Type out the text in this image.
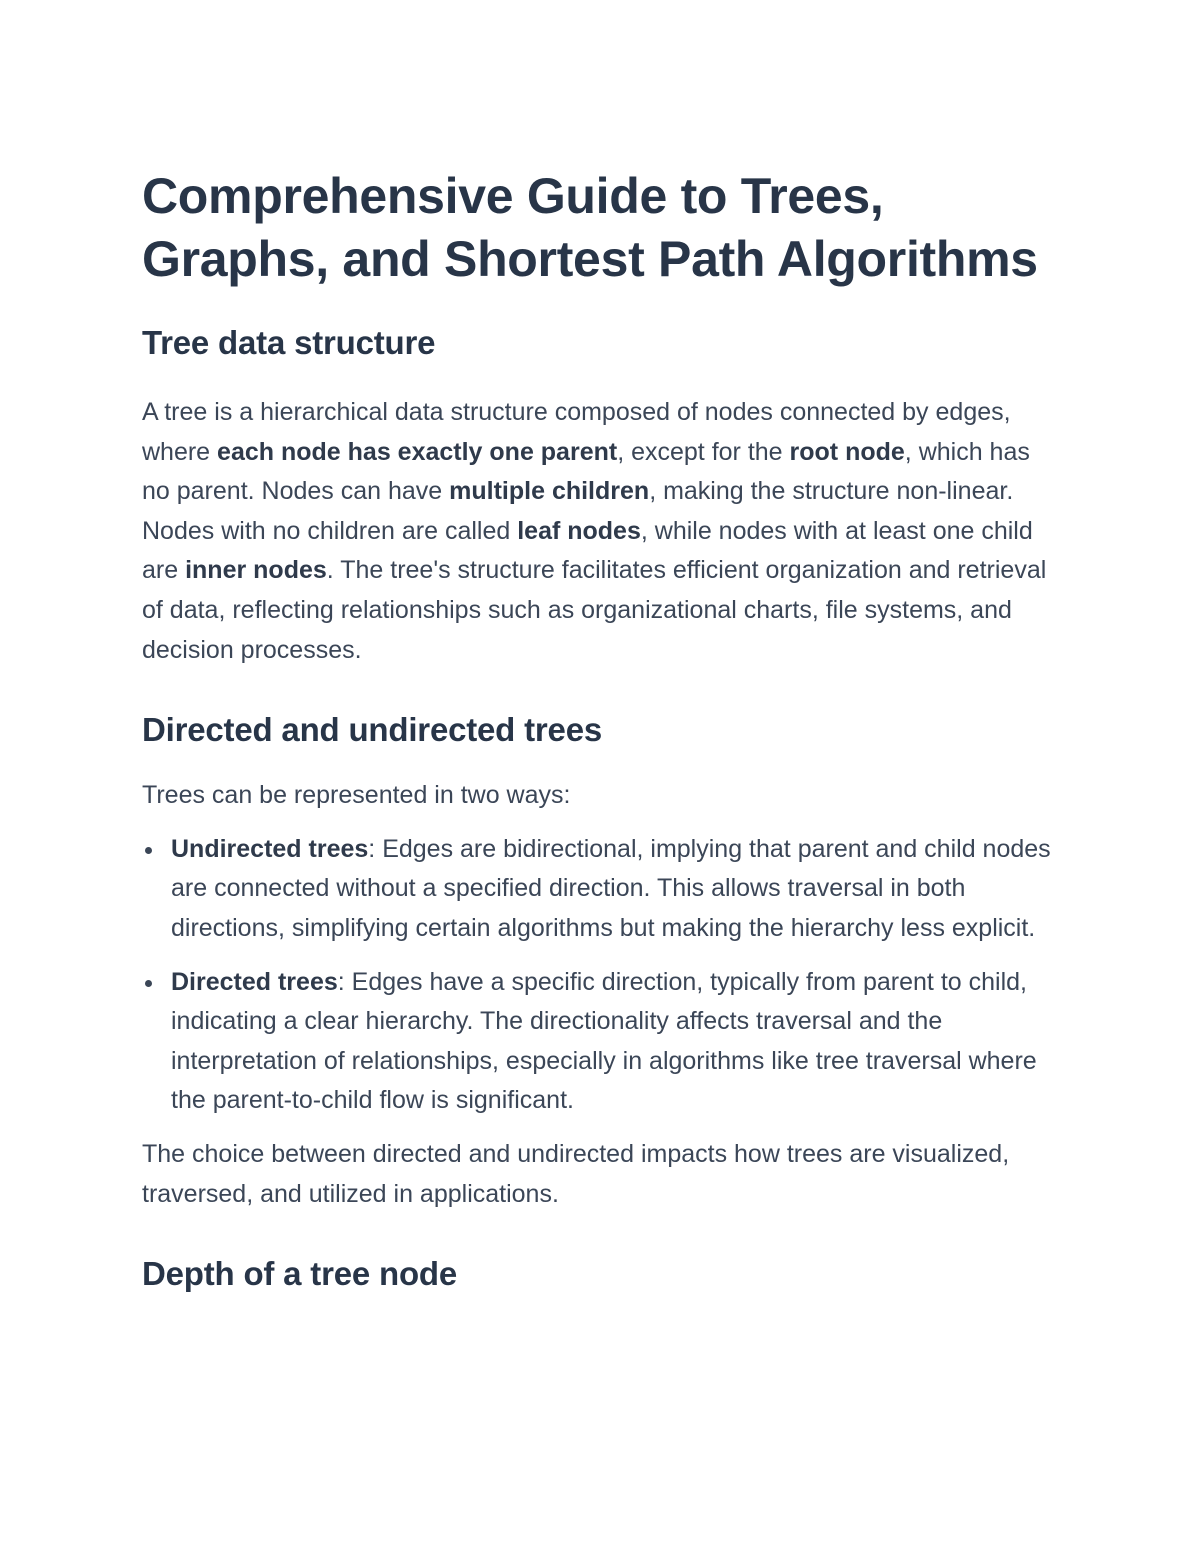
Comprehensive Guide to Trees, Graphs, and Shortest Path Algorithms
Tree data structure

A tree is a hierarchical data structure composed of nodes connected by edges, where each node has exactly one parent, except for the root node, which has no parent. Nodes can have multiple children, making the structure non-linear. Nodes with no children are called leaf nodes, while nodes with at least one child are inner nodes. The tree's structure facilitates efficient organization and retrieval of data, reflecting relationships such as organizational charts, file systems, and decision processes.

Directed and undirected trees

Trees can be represented in two ways:

Undirected trees: Edges are bidirectional, implying that parent and child nodes are connected without a specified direction. This allows traversal in both directions, simplifying certain algorithms but making the hierarchy less explicit.
Directed trees: Edges have a specific direction, typically from parent to child, indicating a clear hierarchy. The directionality affects traversal and the interpretation of relationships, especially in algorithms like tree traversal where the parent-to-child flow is significant.

The choice between directed and undirected impacts how trees are visualized, traversed, and utilized in applications.

Depth of a tree node
